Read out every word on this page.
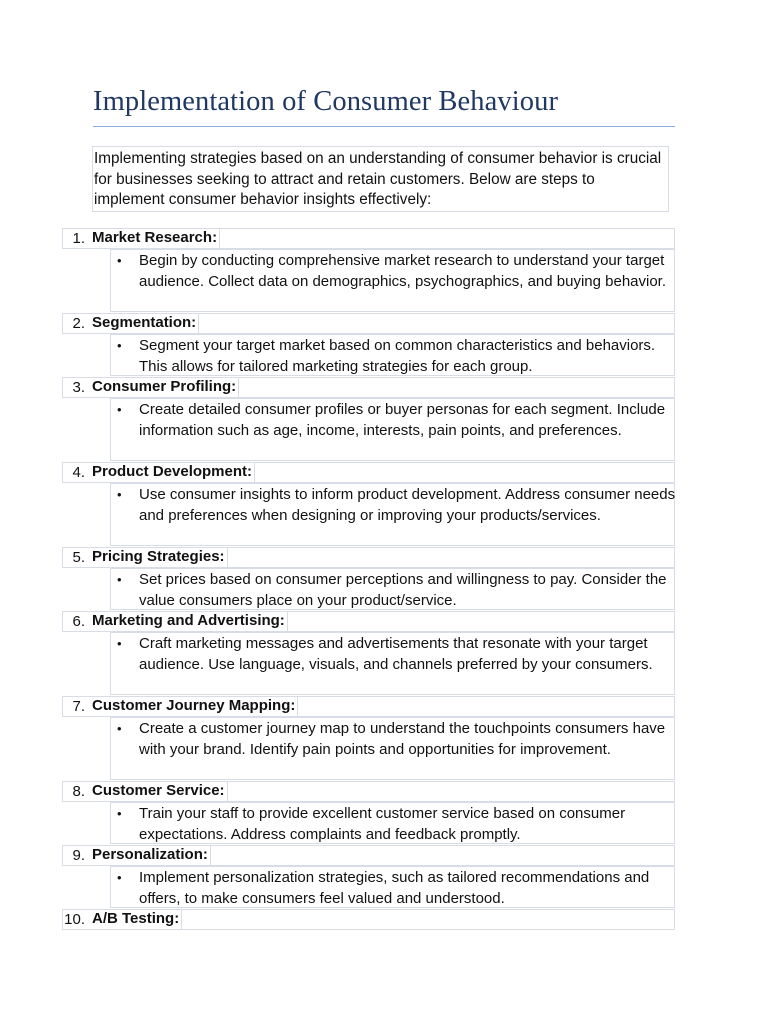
Implementation of Consumer Behaviour
Implementing strategies based on an understanding of consumer behavior is crucial for businesses seeking to attract and retain customers. Below are steps to implement consumer behavior insights effectively:
1. Market Research:
• Begin by conducting comprehensive market research to understand your target audience. Collect data on demographics, psychographics, and buying behavior.
2. Segmentation:
• Segment your target market based on common characteristics and behaviors. This allows for tailored marketing strategies for each group.
3. Consumer Profiling:
• Create detailed consumer profiles or buyer personas for each segment. Include information such as age, income, interests, pain points, and preferences.
4. Product Development:
• Use consumer insights to inform product development. Address consumer needs and preferences when designing or improving your products/services.
5. Pricing Strategies:
• Set prices based on consumer perceptions and willingness to pay. Consider the value consumers place on your product/service.
6. Marketing and Advertising:
• Craft marketing messages and advertisements that resonate with your target audience. Use language, visuals, and channels preferred by your consumers.
7. Customer Journey Mapping:
• Create a customer journey map to understand the touchpoints consumers have with your brand. Identify pain points and opportunities for improvement.
8. Customer Service:
• Train your staff to provide excellent customer service based on consumer expectations. Address complaints and feedback promptly.
9. Personalization:
• Implement personalization strategies, such as tailored recommendations and offers, to make consumers feel valued and understood.
10. A/B Testing:
